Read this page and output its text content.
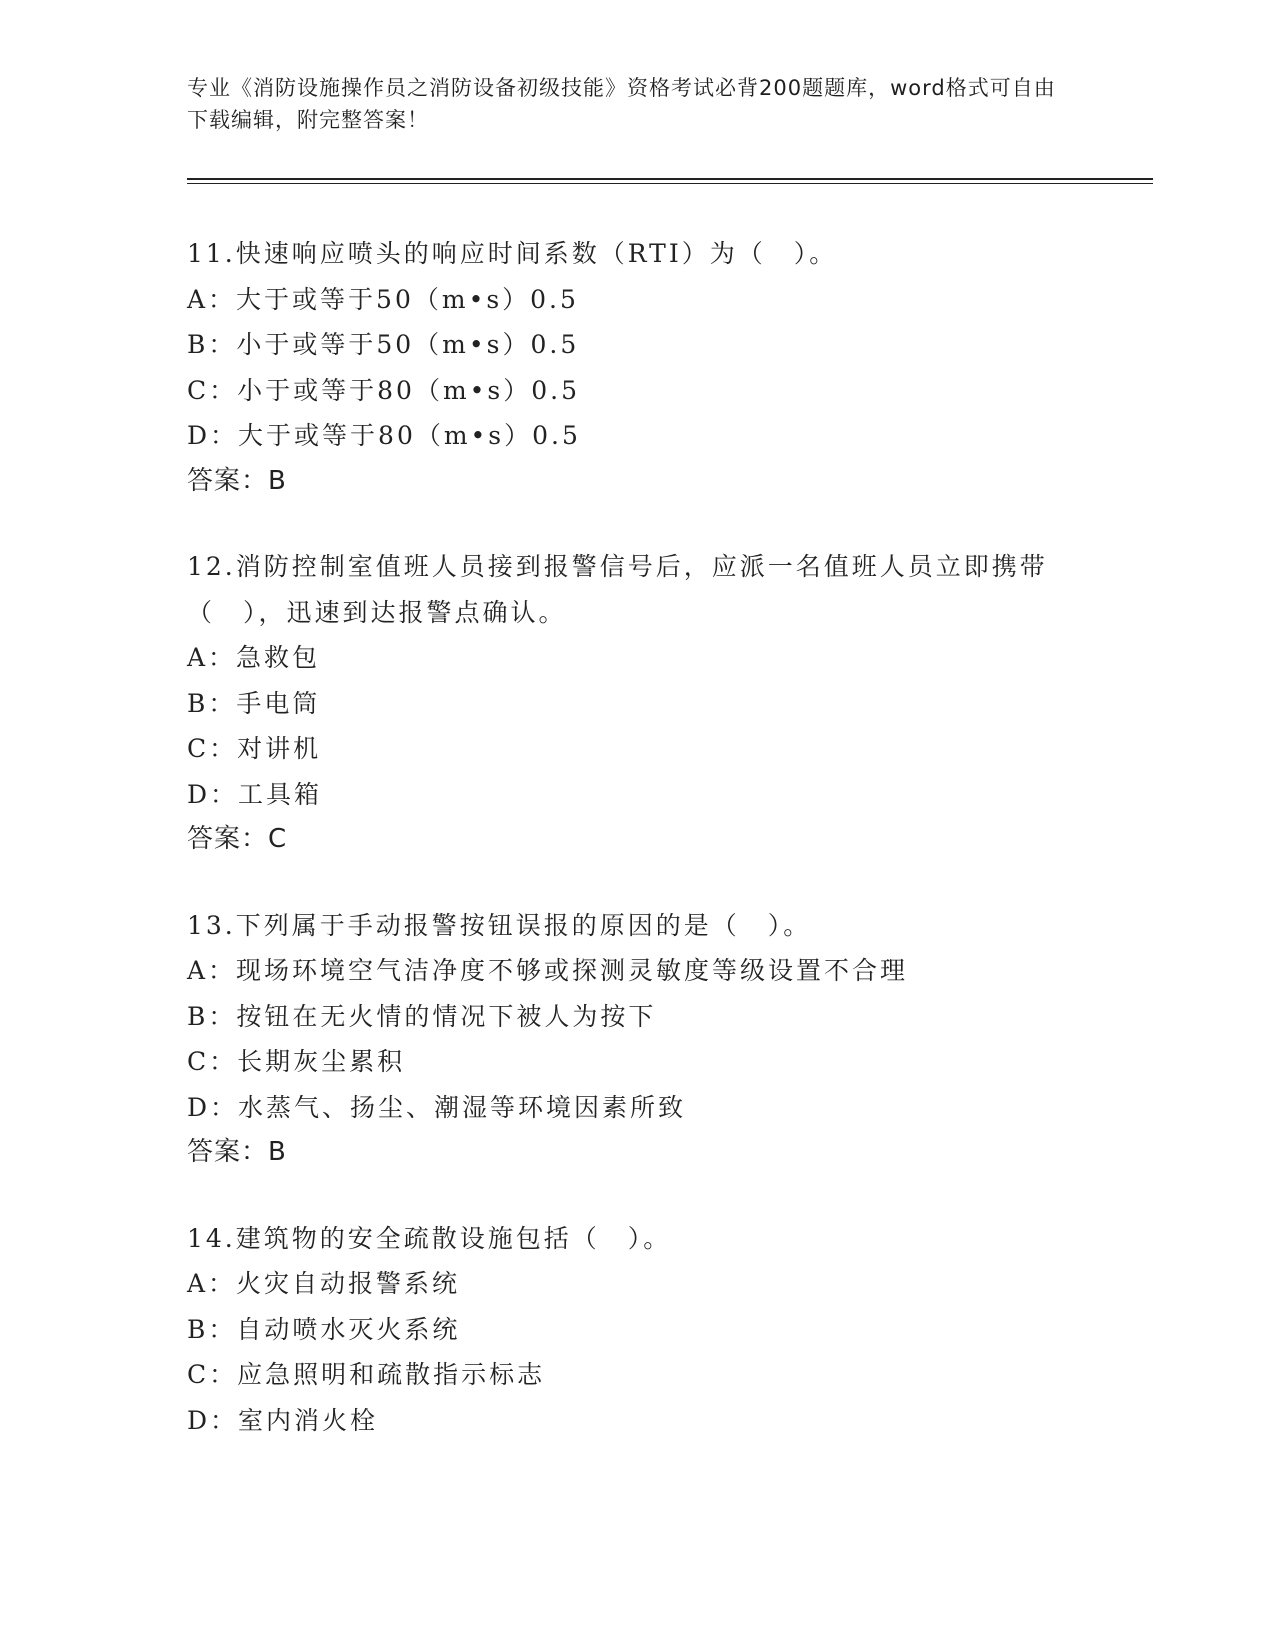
专业《消防设施操作员之消防设备初级技能》资格考试必背200题题库，word格式可自由下载编辑，附完整答案！
11.快速响应喷头的响应时间系数（RTI）为（　）。
A：大于或等于50（m•s）0.5
B：小于或等于50（m•s）0.5
C：小于或等于80（m•s）0.5
D：大于或等于80（m•s）0.5
答案：B
12.消防控制室值班人员接到报警信号后，应派一名值班人员立即携带（　），迅速到达报警点确认。
A：急救包
B：手电筒
C：对讲机
D：工具箱
答案：C
13.下列属于手动报警按钮误报的原因的是（　）。
A：现场环境空气洁净度不够或探测灵敏度等级设置不合理
B：按钮在无火情的情况下被人为按下
C：长期灰尘累积
D：水蒸气、扬尘、潮湿等环境因素所致
答案：B
14.建筑物的安全疏散设施包括（　）。
A：火灾自动报警系统
B：自动喷水灭火系统
C：应急照明和疏散指示标志
D：室内消火栓
